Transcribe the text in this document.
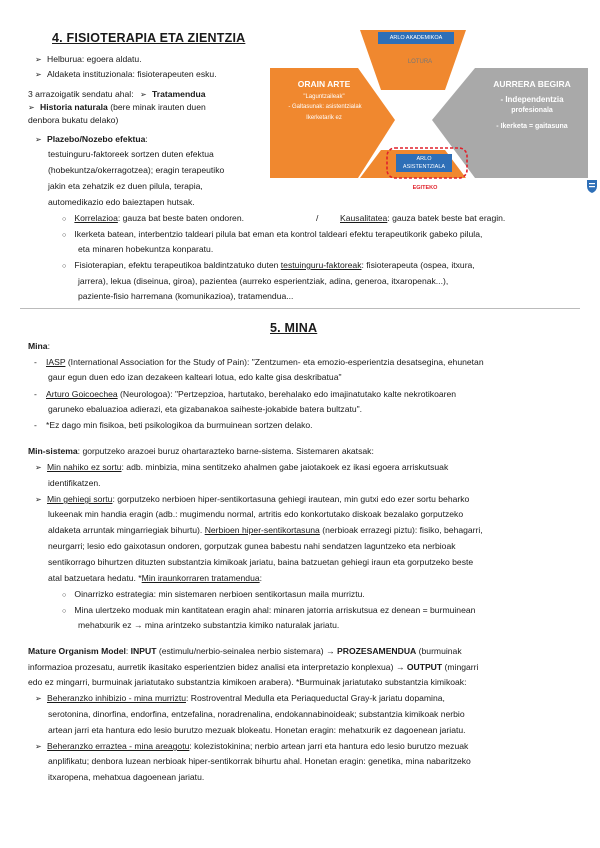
4. FISIOTERAPIA ETA ZIENTZIA
➢ Helburua: egoera aldatu.
➢ Aldaketa instituzionala: fisioterapeuten esku.
3 arrazoigatik sendatu ahal: ➢ Tratamendua
➢ Historia naturala (bere minak irauten duen
denbora bukatu delako)
➢ Plazebo/Nozebo efektua:
testuinguru-faktoreek sortzen duten efektua
(hobekuntza/okerragotzea); eragin terapeutiko
jakin eta zehatzik ez duen pilula, terapia,
automedikazio edo baieztapen hutsak.
○ Korrelazioa: gauza bat beste baten ondoren.	/	Kausalitatea: gauza batek beste bat eragin.
○ Ikerketa batean, interbentzio taldeari pilula bat eman eta kontrol taldeari efektu terapeutikorik gabeko pilula,
eta minaren hobekuntza konparatu.
○ Fisioterapian, efektu terapeutikoa baldintzatuko duten testuinguru-faktoreak: fisioterapeuta (ospea, itxura,
jarrera), lekua (diseinua, giroa), pazientea (aurreko esperientziak, adina, generoa, itxaropenak...),
paziente-fisio harremana (komunikazioa), tratamendua...
ARLO AKADEMIKOA
LOTURA
ORAIN ARTE
"Laguntzaileak"
- Galtasunak: asistentzialak
Ikerketarik ez
AURRERA BEGIRA
- Independentzia
profesionala
- Ikerketa = gaitasuna
ARLO
ASISTENTZIALA
EGITEKO
5. MINA
Mina:
- IASP (International Association for the Study of Pain): "Zentzumen- eta emozio-esperientzia desatsegina, ehunetan
gaur egun duen edo izan dezakeen kalteari lotua, edo kalte gisa deskribatua"
- Arturo Goicoechea (Neurologoa): "Pertzepzioa, hartutako, berehalako edo imajinatutako kalte nekrotikoaren
garuneko ebaluazioa adierazi, eta gizabanakoa saiheste-jokabide batera bultzatu".
- *Ez dago min fisikoa, beti psikologikoa da burmuinean sortzen delako.
Min-sistema: gorputzeko arazoei buruz ohartarazteko barne-sistema. Sistemaren akatsak:
➢ Min nahiko ez sortu: adb. minbizia, mina sentitzeko ahalmen gabe jaiotakoek ez ikasi egoera arriskutsuak
identifikatzen.
➢ Min gehiegi sortu: gorputzeko nerbioen hiper-sentikortasuna gehiegi irautean, min gutxi edo ezer sortu beharko
lukeenak min handia eragin (adb.: mugimendu normal, artritis edo konkortutako diskoak bezalako gorputzeko
aldaketa arruntak mingarriegiak bihurtu). Nerbioen hiper-sentikortasuna (nerbioak errazegi piztu): fisiko, behagarri,
neurgarri; lesio edo gaixotasun ondoren, gorputzak gunea babestu nahi sendatzen laguntzeko eta nerbioak
sentikorrago bihurtzen dituzten substantzia kimikoak jariatu, baina batzuetan gehiegi iraun eta gorputzeko beste
atal batzuetara hedatu. *Min iraunkorraren tratamendua:
○ Oinarrizko estrategia: min sistemaren nerbioen sentikortasun maila murriztu.
○ Mina ulertzeko moduak min kantitatean eragin ahal: minaren jatorria arriskutsua ez denean = burmuinean
mehatxurik ez → mina arintzeko substantzia kimiko naturalak jariatu.
Mature Organism Model: INPUT (estimulu/nerbio-seinalea nerbio sistemara) → PROZESAMENDUA (burmuinak
informazioa prozesatu, aurretik ikasitako esperientzien bidez analisi eta interpretazio konplexua) → OUTPUT (mingarri
edo ez mingarri, burmuinak jariatutako substantzia kimikoen arabera). *Burmuinak jariatutako substantzia kimikoak:
➢ Beheranzko inhibizio - mina murriztu: Rostroventral Medulla eta Periaqueductal Gray-k jariatu dopamina,
serotonina, dinorfina, endorfina, entzefalina, noradrenalina, endokannabinoideak; substantzia kimikoak nerbio
artean jarri eta hantura edo lesio burutzo mezuak blokeatu. Honetan eragin: mehatxurik ez dagoenean jariatu.
➢ Beheranzko erraztea - mina areagotu: kolezistokinina; nerbio artean jarri eta hantura edo lesio burutzo mezuak
anplifikatu; denbora luzean nerbioak hiper-sentikorrak bihurtu ahal. Honetan eragin: genetika, mina nabaritzeko
itxaropena, mehatxua dagoenean jariatu.
